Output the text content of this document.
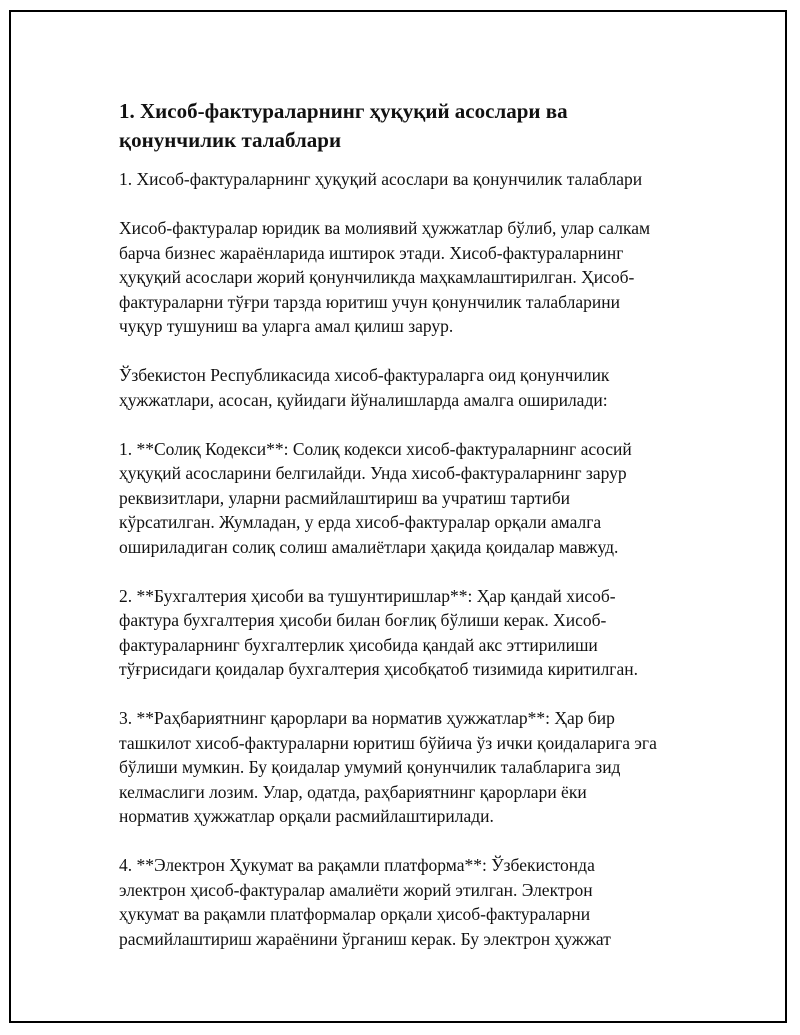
1. Хисоб-фактураларнинг ҳуқуқий асослари ва
қонунчилик талаблари
1. Хисоб-фактураларнинг ҳуқуқий асослари ва қонунчилик талаблари
Хисоб-фактуралар юридик ва молиявий ҳужжатлар бўлиб, улар салкам
барча бизнес жараёнларида иштирок этади. Хисоб-фактураларнинг
ҳуқуқий асослари жорий қонунчиликда маҳкамлаштирилган. Ҳисоб-
фактураларни тўғри тарзда юритиш учун қонунчилик талабларини
чуқур тушуниш ва уларга амал қилиш зарур.
Ўзбекистон Республикасида хисоб-фактураларга оид қонунчилик
ҳужжатлари, асосан, қуйидаги йўналишларда амалга оширилади:
1. **Солиқ Кодекси**: Солиқ кодекси хисоб-фактураларнинг асосий
ҳуқуқий асосларини белгилайди. Унда хисоб-фактураларнинг зарур
реквизитлари, уларни расмийлаштириш ва учратиш тартиби
кўрсатилган. Жумладан, у ерда хисоб-фактуралар орқали амалга
ошириладиган солиқ солиш амалиётлари ҳақида қоидалар мавжуд.
2. **Бухгалтерия ҳисоби ва тушунтиришлар**: Ҳар қандай хисоб-
фактура бухгалтерия ҳисоби билан боғлиқ бўлиши керак. Хисоб-
фактураларнинг бухгалтерлик ҳисобида қандай акс эттирилиши
тўғрисидаги қоидалар бухгалтерия ҳисобқатоб тизимида киритилган.
3. **Раҳбариятнинг қарорлари ва норматив ҳужжатлар**: Ҳар бир
ташкилот хисоб-фактураларни юритиш бўйича ўз ички қоидаларига эга
бўлиши мумкин. Бу қоидалар умумий қонунчилик талабларига зид
келмаслиги лозим. Улар, одатда, раҳбариятнинг қарорлари ёки
норматив ҳужжатлар орқали расмийлаштирилади.
4. **Электрон Ҳукумат ва рақамли платформа**: Ўзбекистонда
электрон ҳисоб-фактуралар амалиёти жорий этилган. Электрон
ҳукумат ва рақамли платформалар орқали ҳисоб-фактураларни
расмийлаштириш жараёнини ўрганиш керак. Бу электрон ҳужжат
